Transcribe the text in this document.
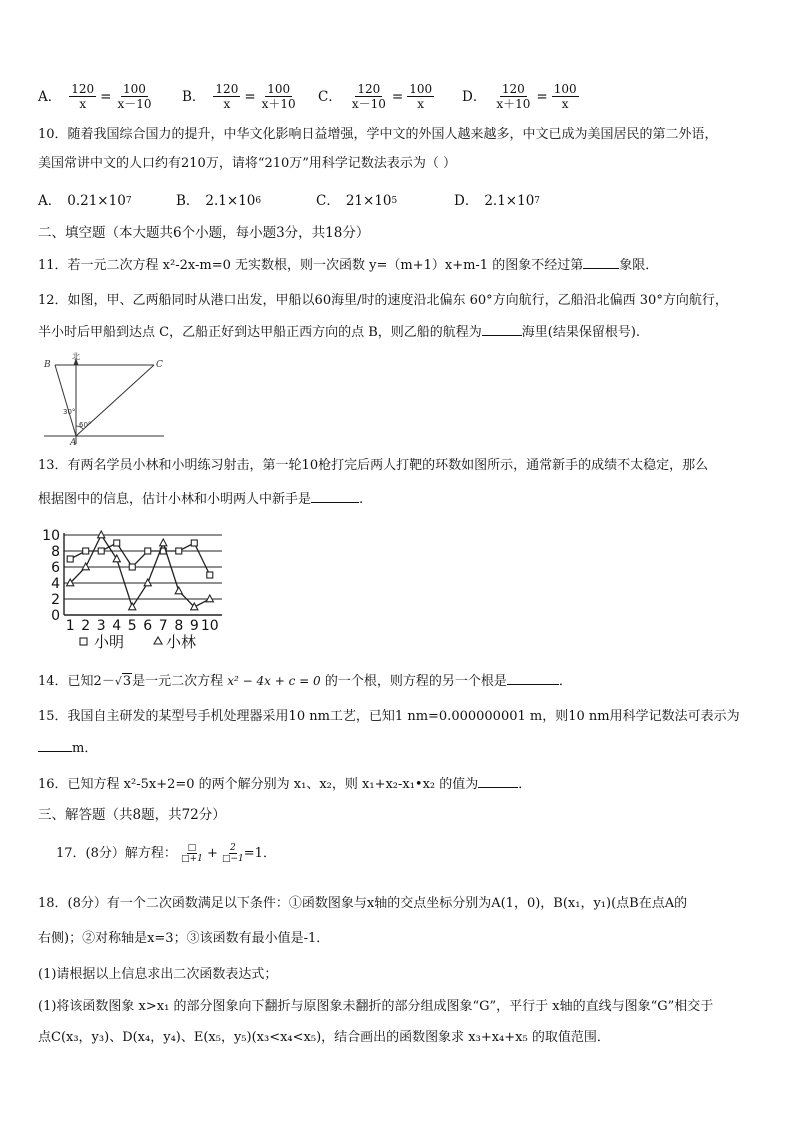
A． $\frac{120}{x} = \frac{100}{x-10}$ B． $\frac{120}{x} = \frac{100}{x+10}$ C． $\frac{120}{x-10} = \frac{100}{x}$ D． $\frac{120}{x+10} = \frac{100}{x}$
10．随着我国综合国力的提升，中华文化影响日益增强，学中文的外国人越来越多，中文已成为美国居民的第二外语，
美国常讲中文的人口约有210万，请将“210万”用科学记数法表示为（ ）
A． 0.21×10 7	B． 2.1×10 6	C． 21×10 5	D． 2.1×10 7
二、填空题（本大题共6个小题，每小题3分，共18分）
11．若一元二次方程 x²-2x-m=0 无实数根，则一次函数 y=（m+1）x+m-1 的图象不经过第	象限．
12．如图，甲、乙两船同时从港口出发，甲船以60海里/时的速度沿北偏东 60°方向航行，乙船沿北偏西 30°方向航行，
半小时后甲船到达点 C，乙船正好到达甲船正西方向的点 B，则乙船的航程为	海里(结果保留根号).
北
B	C
A
30°
60°
13．有两名学员小林和小明练习射击，第一轮10枪打完后两人打靶的环数如图所示，通常新手的成绩不太稳定，那么
根据图中的信息，估计小林和小明两人中新手是	.
0
2
4
6
8
10
1 2 3 4 5 6 7 8 9 10
小明	小林
14．已知2－√3是一元二次方程 x² − 4x + c = 0 的一个根，则方程的另一个根是	．
15．我国自主研发的某型号手机处理器采用10 nm工艺，已知1 nm=0.000000001 m，则10 nm用科学记数法可表示为
m．
16．已知方程 x²-5x+2=0 的两个解分别为 x₁、x₂，则 x₁+x₂-x₁•x₂ 的值为	．
三、解答题（共8题，共72分）
17．(8分）解方程： $\frac{□}{□+1} + \frac{2}{□-1} =1$．
18．(8分）有一个二次函数满足以下条件：①函数图象与x轴的交点坐标分别为A(1，0)，B(x₁，y₁)(点B在点A的
右侧)；②对称轴是x=3；③该函数有最小值是-1．
(1)请根据以上信息求出二次函数表达式；
(1)将该函数图象 x>x₁ 的部分图象向下翻折与原图象未翻折的部分组成图象“G”，平行于 x轴的直线与图象“G”相交于
点C(x₃，y₃)、D(x₄，y₄)、E(x₅，y₅)(x₃<x₄<x₅)，结合画出的函数图象求 x₃+x₄+x₅ 的取值范围．
